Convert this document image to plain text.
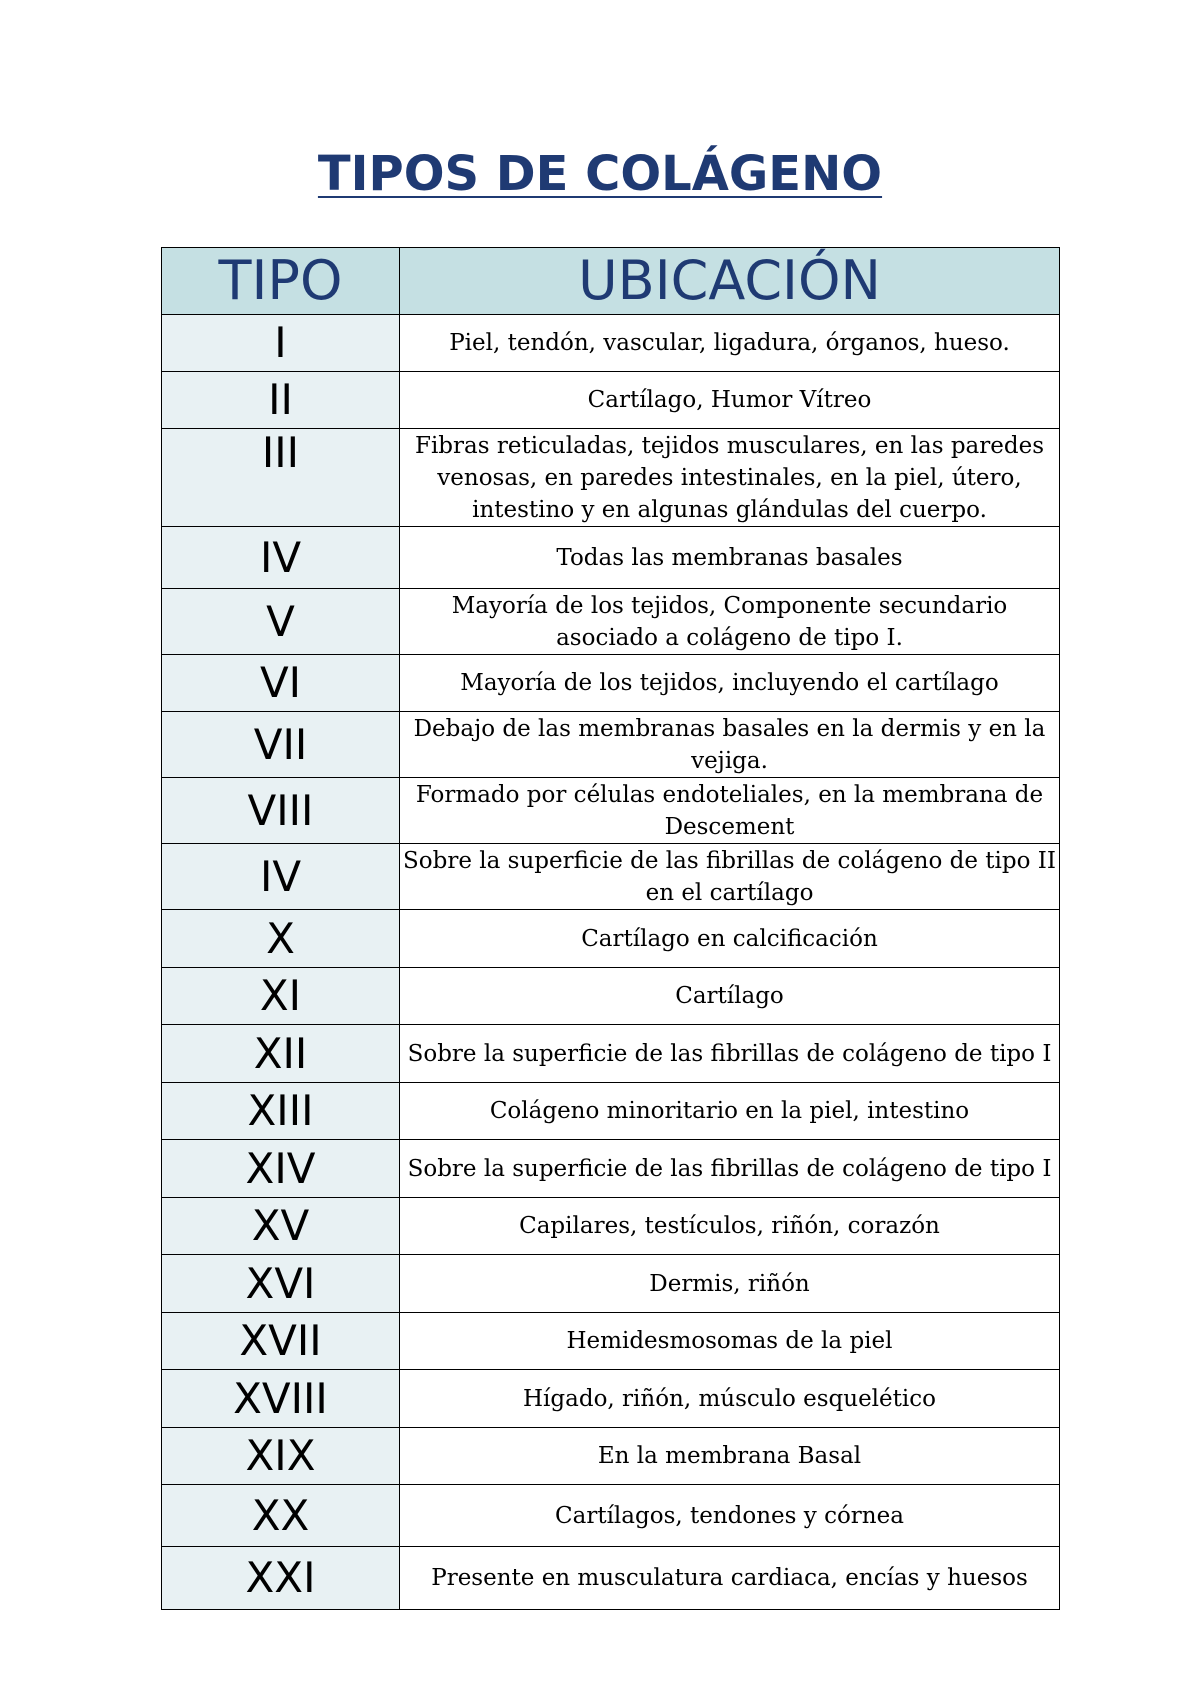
TIPOS DE COLÁGENO
TIPO	UBICACIÓN
I	Piel, tendón, vascular, ligadura, órganos, hueso.
II	Cartílago, Humor Vítreo
III	Fibras reticuladas, tejidos musculares, en las paredes venosas, en paredes intestinales, en la piel, útero, intestino y en algunas glándulas del cuerpo.
IV	Todas las membranas basales
V	Mayoría de los tejidos, Componente secundario asociado a colágeno de tipo I.
VI	Mayoría de los tejidos, incluyendo el cartílago
VII	Debajo de las membranas basales en la dermis y en la vejiga.
VIII	Formado por células endoteliales, en la membrana de Descement
IV	Sobre la superficie de las fibrillas de colágeno de tipo II en el cartílago
X	Cartílago en calcificación
XI	Cartílago
XII	Sobre la superficie de las fibrillas de colágeno de tipo I
XIII	Colágeno minoritario en la piel, intestino
XIV	Sobre la superficie de las fibrillas de colágeno de tipo I
XV	Capilares, testículos, riñón, corazón
XVI	Dermis, riñón
XVII	Hemidesmosomas de la piel
XVIII	Hígado, riñón, músculo esquelético
XIX	En la membrana Basal
XX	Cartílagos, tendones y córnea
XXI	Presente en musculatura cardiaca, encías y huesos
